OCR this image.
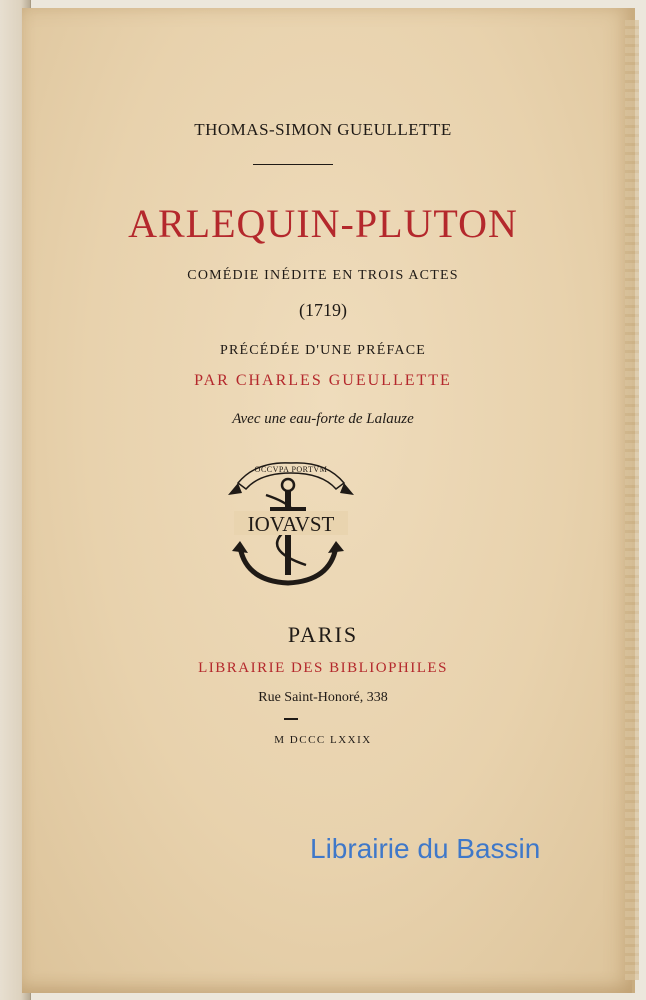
THOMAS-SIMON GUEULLETTE
ARLEQUIN-PLUTON
COMÉDIE INÉDITE EN TROIS ACTES
(1719)
PRÉCÉDÉE D'UNE PRÉFACE
PAR CHARLES GUEULLETTE
Avec une eau-forte de Lalauze
OCCVPA PORTVM
IOVAVST
PARIS
LIBRAIRIE DES BIBLIOPHILES
Rue Saint-Honoré, 338
M DCCC LXXIX
Librairie du Bassin
